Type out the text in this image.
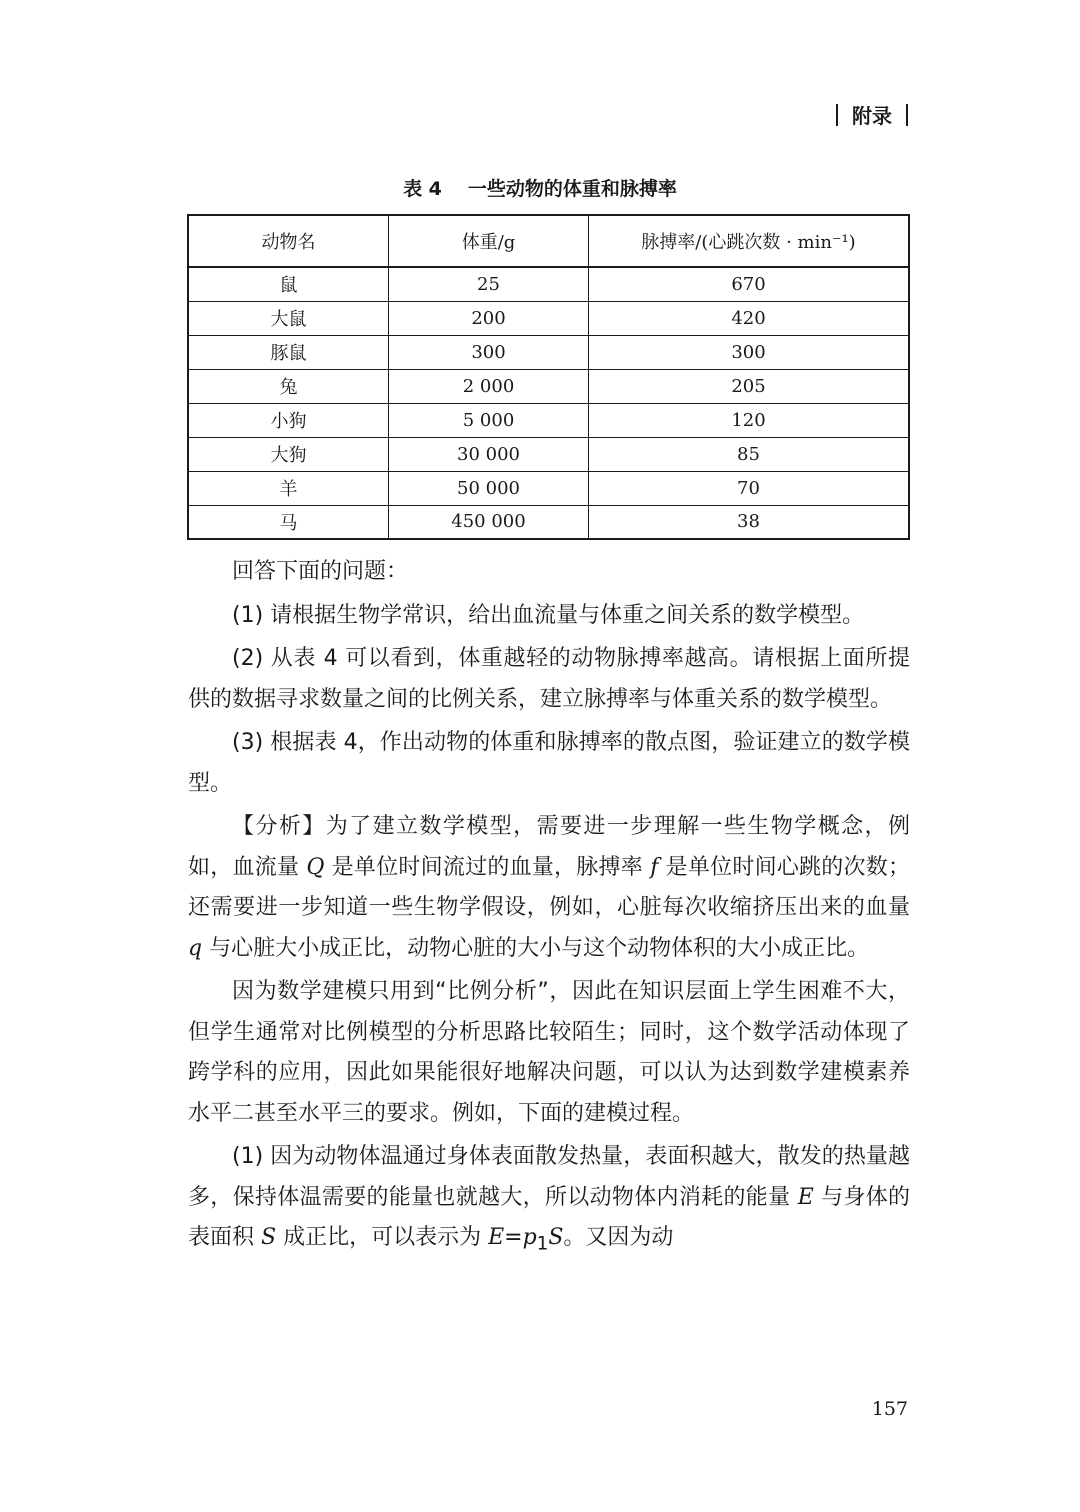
附录
表 4 一些动物的体重和脉搏率
动物名	体重/g	脉搏率/(心跳次数 · min⁻¹)
鼠	25	670
大鼠	200	420
豚鼠	300	300
兔	2 000	205
小狗	5 000	120
大狗	30 000	85
羊	50 000	70
马	450 000	38

回答下面的问题：

(1) 请根据生物学常识，给出血流量与体重之间关系的数学模型。

(2) 从表 4 可以看到，体重越轻的动物脉搏率越高。请根据上面所提供的数据寻求数量之间的比例关系，建立脉搏率与体重关系的数学模型。

(3) 根据表 4，作出动物的体重和脉搏率的散点图，验证建立的数学模型。

【分析】为了建立数学模型，需要进一步理解一些生物学概念，例如，血流量 Q 是单位时间流过的血量，脉搏率 f 是单位时间心跳的次数；还需要进一步知道一些生物学假设，例如，心脏每次收缩挤压出来的血量 q 与心脏大小成正比，动物心脏的大小与这个动物体积的大小成正比。

因为数学建模只用到“比例分析”，因此在知识层面上学生困难不大，但学生通常对比例模型的分析思路比较陌生；同时，这个数学活动体现了跨学科的应用，因此如果能很好地解决问题，可以认为达到数学建模素养水平二甚至水平三的要求。例如，下面的建模过程。

(1) 因为动物体温通过身体表面散发热量，表面积越大，散发的热量越多，保持体温需要的能量也就越大，所以动物体内消耗的能量 E 与身体的表面积 S 成正比，可以表示为 $E=p_1S$。又因为动

157
